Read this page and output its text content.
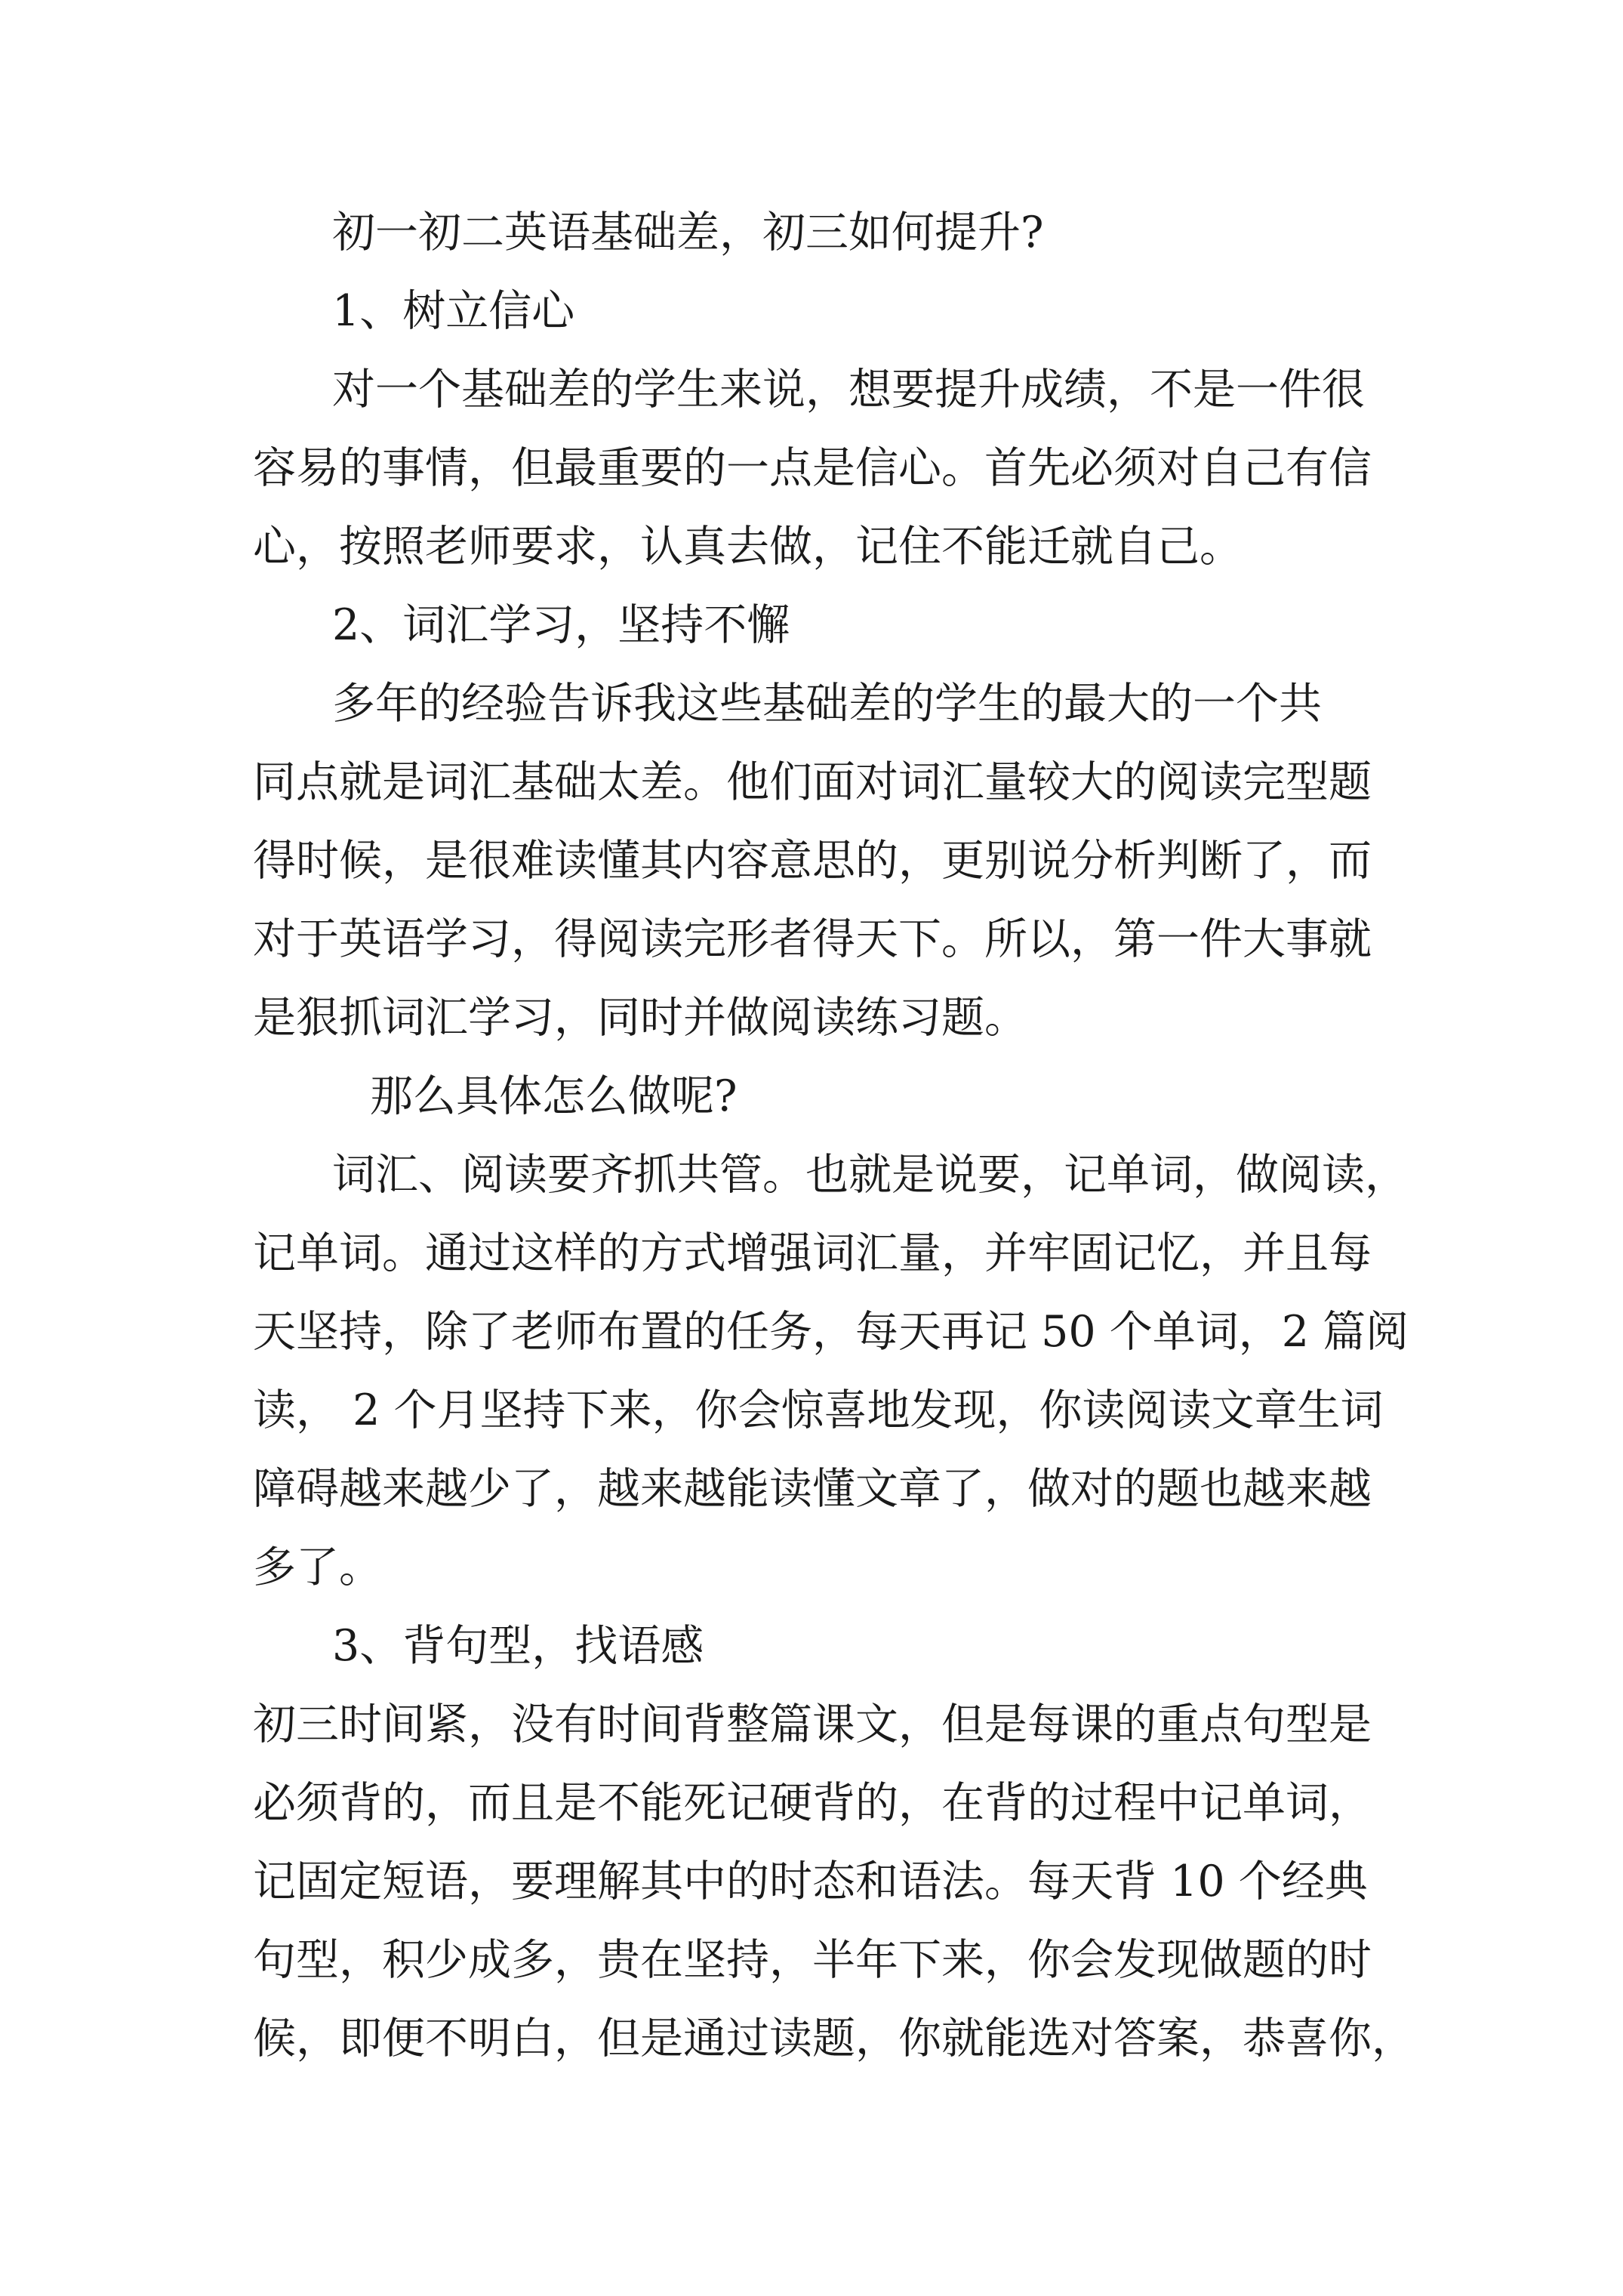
初一初二英语基础差，初三如何提升?
1、树立信心
对一个基础差的学生来说，想要提升成绩，不是一件很
容易的事情，但最重要的一点是信心。首先必须对自己有信
心，按照老师要求，认真去做，记住不能迁就自己。
2、词汇学习，坚持不懈
多年的经验告诉我这些基础差的学生的最大的一个共
同点就是词汇基础太差。他们面对词汇量较大的阅读完型题
得时候，是很难读懂其内容意思的，更别说分析判断了，而
对于英语学习，得阅读完形者得天下。所以，第一件大事就
是狠抓词汇学习，同时并做阅读练习题。
那么具体怎么做呢?
词汇、阅读要齐抓共管。也就是说要，记单词，做阅读，
记单词。通过这样的方式增强词汇量，并牢固记忆，并且每
天坚持，除了老师布置的任务，每天再记 50 个单词，2 篇阅
读， 2 个月坚持下来，你会惊喜地发现，你读阅读文章生词
障碍越来越少了，越来越能读懂文章了，做对的题也越来越
多了。
3、背句型，找语感
初三时间紧，没有时间背整篇课文，但是每课的重点句型是
必须背的，而且是不能死记硬背的，在背的过程中记单词，
记固定短语，要理解其中的时态和语法。每天背 10 个经典
句型，积少成多，贵在坚持，半年下来，你会发现做题的时
候，即便不明白，但是通过读题，你就能选对答案，恭喜你，
